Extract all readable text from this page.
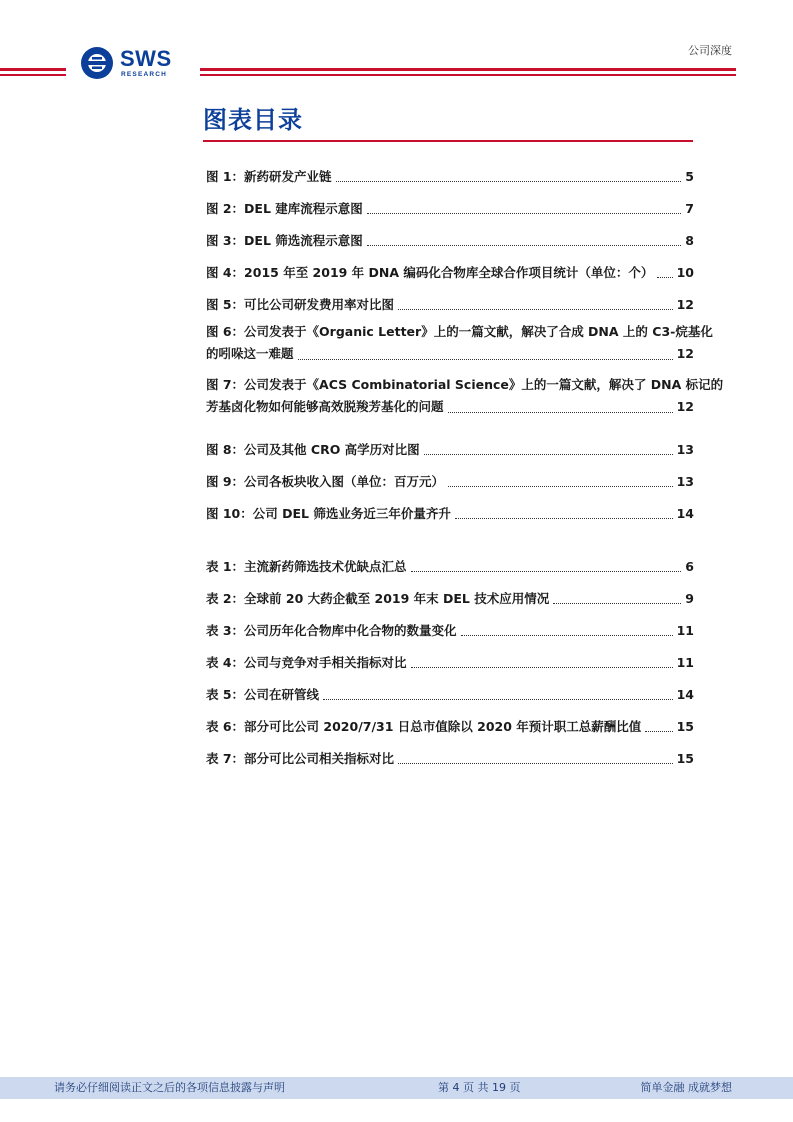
SWS
RESEARCH
公司深度
图表目录
图 1：新药研发产业链	5
图 2：DEL 建库流程示意图	7
图 3：DEL 筛选流程示意图	8
图 4：2015 年至 2019 年 DNA 编码化合物库全球合作项目统计（单位：个） 10
图 5：可比公司研发费用率对比图	12
图 6：公司发表于《Organic Letter》上的一篇文献，解决了合成 DNA 上的 C3-烷基化
的吲哚这一难题	12
图 7：公司发表于《ACS Combinatorial Science》上的一篇文献，解决了 DNA 标记的
芳基卤化物如何能够高效脱羧芳基化的问题	12
图 8：公司及其他 CRO 高学历对比图	13
图 9：公司各板块收入图（单位：百万元）	13
图 10：公司 DEL 筛选业务近三年价量齐升	14
表 1：主流新药筛选技术优缺点汇总	6
表 2：全球前 20 大药企截至 2019 年末 DEL 技术应用情况	9
表 3：公司历年化合物库中化合物的数量变化	11
表 4：公司与竞争对手相关指标对比	11
表 5：公司在研管线	14
表 6：部分可比公司 2020/7/31 日总市值除以 2020 年预计职工总薪酬比值	15
表 7：部分可比公司相关指标对比	15
请务必仔细阅读正文之后的各项信息披露与声明	第 4 页 共 19 页	简单金融 成就梦想
